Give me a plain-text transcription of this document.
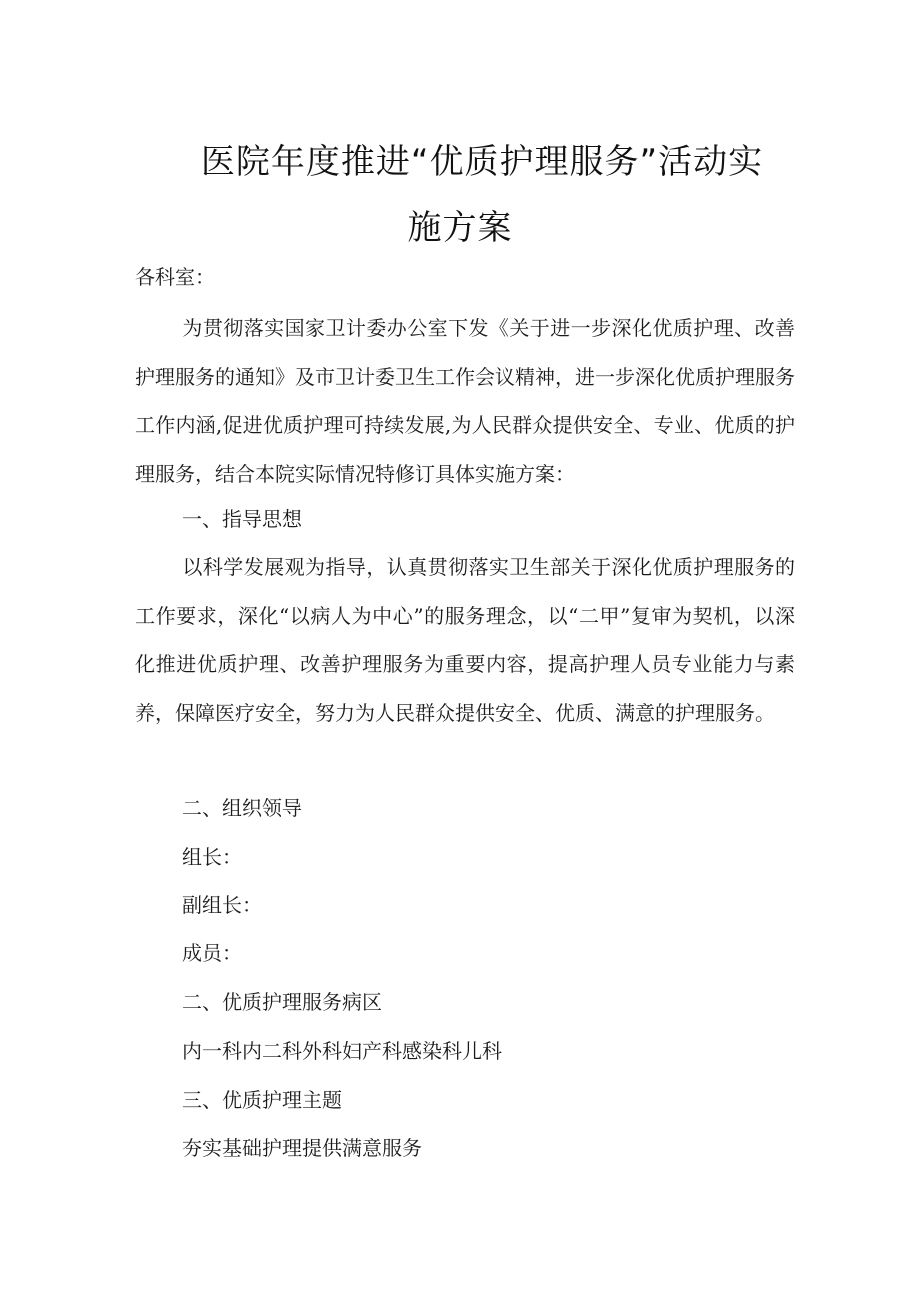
医院年度推进“优质护理服务”活动实
施方案
各科室：
为贯彻落实国家卫计委办公室下发《关于进一步深化优质护理、改善护理服务的通知》及市卫计委卫生工作会议精神，进一步深化优质护理服务工作内涵,促进优质护理可持续发展,为人民群众提供安全、专业、优质的护理服务，结合本院实际情况特修订具体实施方案：
一、指导思想
以科学发展观为指导，认真贯彻落实卫生部关于深化优质护理服务的工作要求，深化“以病人为中心”的服务理念，以“二甲”复审为契机，以深化推进优质护理、改善护理服务为重要内容，提高护理人员专业能力与素养，保障医疗安全，努力为人民群众提供安全、优质、满意的护理服务。
二、组织领导
组长：
副组长：
成员：
二、优质护理服务病区
内一科内二科外科妇产科感染科儿科
三、优质护理主题
夯实基础护理提供满意服务
